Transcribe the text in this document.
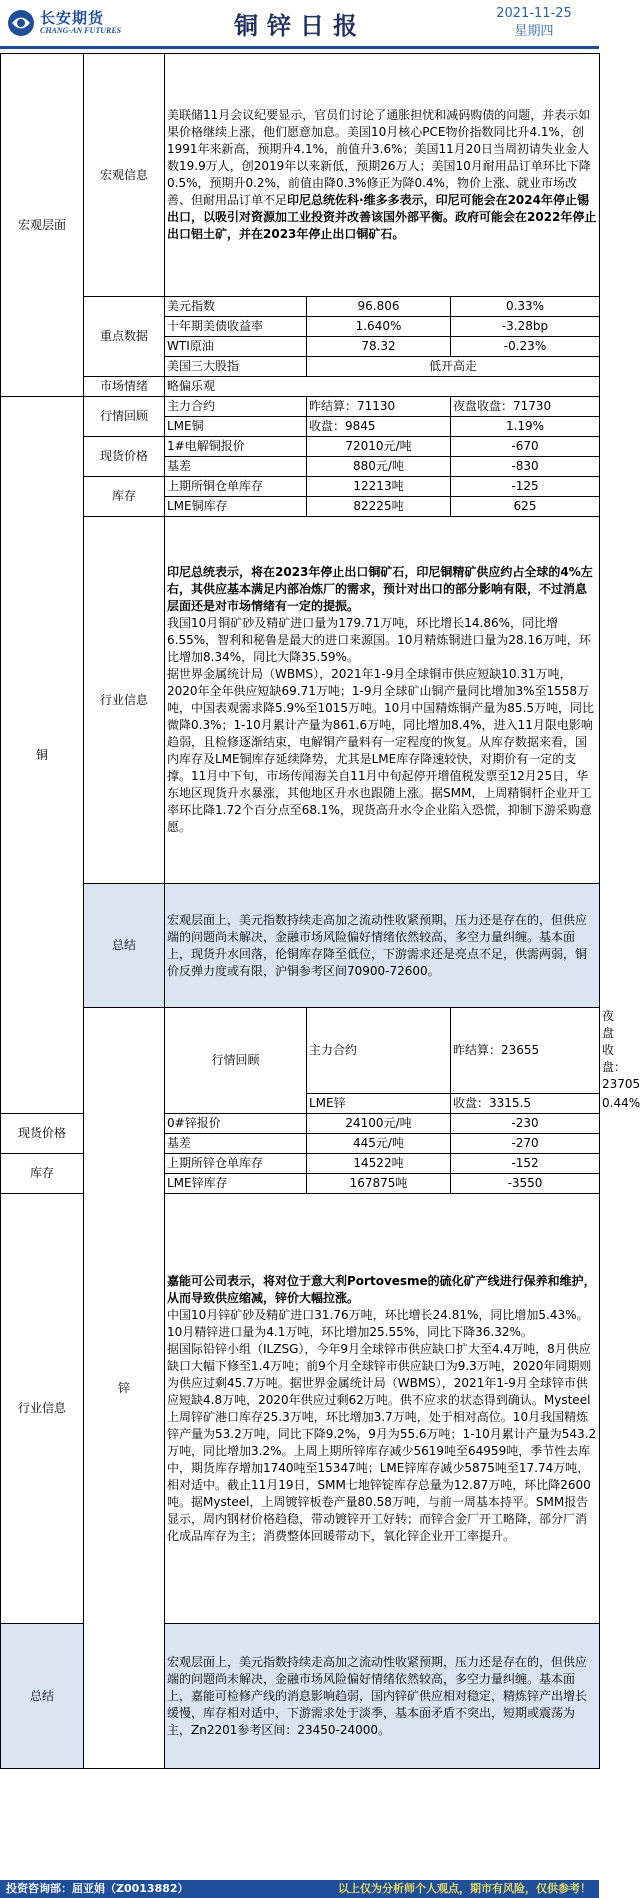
长安期货
CHANG-AN FUTURES	铜锌日报	2021-11-25
星期四
宏观层面	宏观信息	美联储11月会议纪要显示，官员们讨论了通胀担忧和减码购债的问题，并表示如果价格继续上涨，他们愿意加息。美国10月核心PCE物价指数同比升4.1%，创1991年来新高，预期升4.1%，前值升3.6%；美国11月20日当周初请失业金人数19.9万人，创2019年以来新低，预期26万人；美国10月耐用品订单环比下降0.5%，预期升0.2%，前值由降0.3%修正为降0.4%，物价上涨、就业市场改善、但耐用品订单不足印尼总统佐科·维多多表示，印尼可能会在2024年停止锡出口，以吸引对资源加工业投资并改善该国外部平衡。政府可能会在2022年停止出口铝土矿，并在2023年停止出口铜矿石。			
	重点数据	美元指数	96.806	0.33%	
		十年期美债收益率	1.640%	-3.28bp	
		WTI原油	78.32	-0.23%	
		美国三大股指	低开高走		
	市场情绪	略偏乐观			
铜	行情回顾	主力合约	昨结算：71130	夜盘收盘：71730	
		LME铜	收盘：9845	1.19%	
	现货价格	1#电解铜报价	72010元/吨	-670	
		基差	880元/吨	-830	
	库存	上期所铜仓单库存	12213吨	-125	
		LME铜库存	82225吨	625	
	行业信息	印尼总统表示，将在2023年停止出口铜矿石，印尼铜精矿供应约占全球的4%左右，其供应基本满足内部冶炼厂的需求，预计对出口的部分影响有限，不过消息层面还是对市场情绪有一定的提振。
我国10月铜矿砂及精矿进口量为179.71万吨，环比增长14.86%，同比增6.55%，智利和秘鲁是最大的进口来源国。10月精炼铜进口量为28.16万吨，环比增加8.34%，同比大降35.59%。
据世界金属统计局（WBMS），2021年1-9月全球铜市供应短缺10.31万吨，2020年全年供应短缺69.71万吨；1-9月全球矿山铜产量同比增加3%至1558万吨，中国表观需求降5.9%至1015万吨。10月中国精炼铜产量为85.5万吨，同比微降0.3%；1-10月累计产量为861.6万吨，同比增加8.4%，进入11月限电影响趋弱，且检修逐渐结束，电解铜产量料有一定程度的恢复。从库存数据来看，国内库存及LME铜库存延续降势，尤其是LME库存降速较快，对期价有一定的支撑。11月中下旬，市场传闻海关自11月中旬起停开增值税发票至12月25日，华东地区现货升水暴涨，其他地区升水也跟随上涨。据SMM，上周精铜杆企业开工率环比降1.72个百分点至68.1%，现货高升水令企业陷入恐慌，抑制下游采购意愿。			

	总结	宏观层面上，美元指数持续走高加之流动性收紧预期，压力还是存在的，但供应端的问题尚未解决，金融市场风险偏好情绪依然较高，多空力量纠缠。基本面上，现货升水回落，伦铜库存降至低位，下游需求还是亮点不足，供需两弱，铜价反弹力度或有限，沪铜参考区间70900-72600。			
	锌	行情回顾	主力合约	昨结算：23655	夜盘收盘：23705
			LME锌	收盘：3315.5	0.44%
现货价格		0#锌报价	24100元/吨	-230	
		基差	445元/吨	-270	
库存		上期所锌仓单库存	14522吨	-152	
		LME锌库存	167875吨	-3550	
行业信息		嘉能可公司表示，将对位于意大利Portovesme的硫化矿产线进行保养和维护，从而导致供应缩减，锌价大幅拉涨。
中国10月锌矿砂及精矿进口31.76万吨，环比增长24.81%，同比增加5.43%。10月精锌进口量为4.1万吨，环比增加25.55%，同比下降36.32%。
据国际铅锌小组（ILZSG），今年9月全球锌市供应缺口扩大至4.4万吨，8月供应缺口大幅下修至1.4万吨；前9个月全球锌市供应缺口为9.3万吨，2020年同期则为供应过剩45.7万吨。据世界金属统计局（WBMS），2021年1-9月全球锌市供应短缺4.8万吨，2020年供应过剩62万吨。供不应求的状态得到确认。Mysteel上周锌矿港口库存25.3万吨，环比增加3.7万吨，处于相对高位。10月我国精炼锌产量为53.2万吨，同比下降9.2%，9月为55.6万吨；1-10月累计产量为543.2万吨，同比增加3.2%。上周上期所锌库存减少5619吨至64959吨，季节性去库中，期货库存增加1740吨至15347吨；LME锌库存减少5875吨至17.74万吨，相对适中。截止11月19日，SMM七地锌锭库存总量为12.87万吨，环比降2600吨。据Mysteel，上周镀锌板卷产量80.58万吨，与前一周基本持平。SMM报告显示，周内钢材价格趋稳，带动镀锌开工好转；而锌合金厂开工略降，部分厂消化成品库存为主；消费整体回暖带动下，氧化锌企业开工率提升。			

总结		宏观层面上，美元指数持续走高加之流动性收紧预期，压力还是存在的，但供应端的问题尚未解决，金融市场风险偏好情绪依然较高，多空力量纠缠。基本面上，嘉能可检修产线的消息影响趋弱，国内锌矿供应相对稳定，精炼锌产出增长缓慢，库存相对适中，下游需求处于淡季，基本面矛盾不突出，短期或震荡为主，Zn2201参考区间：23450-24000。			
投资咨询部：屈亚娟（Z0013882）	以上仅为分析师个人观点，期市有风险，仅供参考！
